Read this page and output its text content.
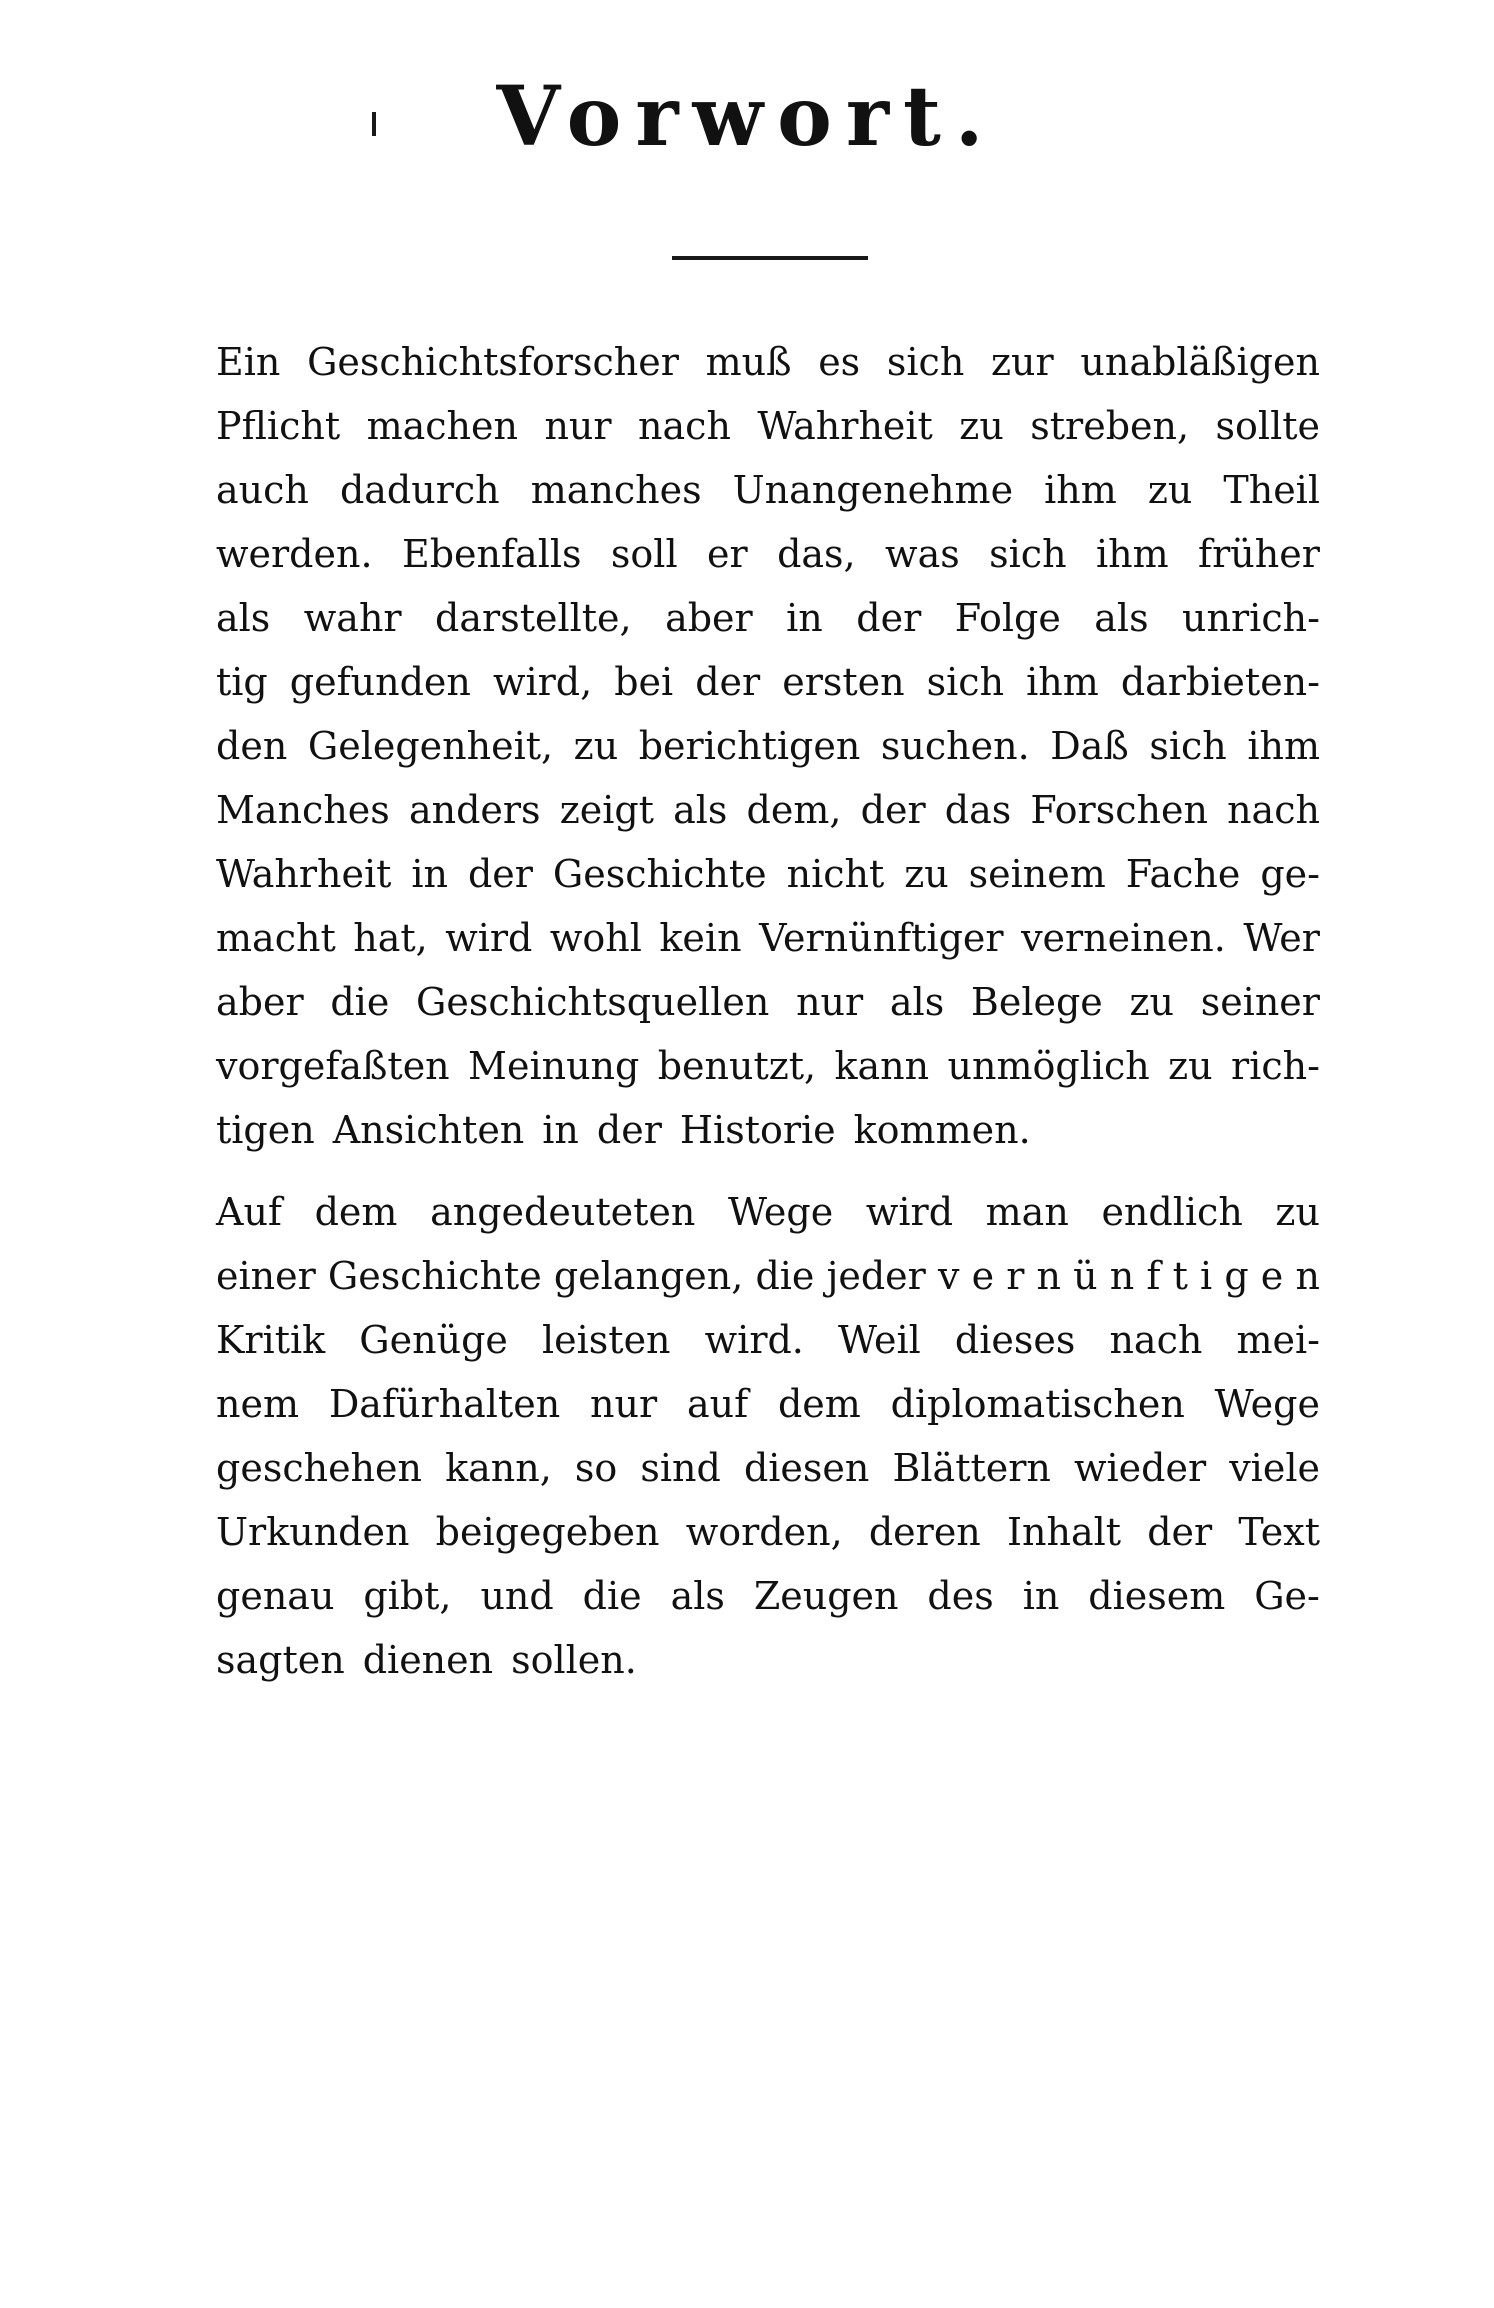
Vorwort.
Ein Geschichtsforscher muß es sich zur unabläßigen
Pflicht machen nur nach Wahrheit zu streben, sollte
auch dadurch manches Unangenehme ihm zu Theil
werden. Ebenfalls soll er das, was sich ihm früher
als wahr darstellte, aber in der Folge als unrich-
tig gefunden wird, bei der ersten sich ihm darbieten-
den Gelegenheit, zu berichtigen suchen. Daß sich ihm
Manches anders zeigt als dem, der das Forschen nach
Wahrheit in der Geschichte nicht zu seinem Fache ge-
macht hat, wird wohl kein Vernünftiger verneinen. Wer
aber die Geschichtsquellen nur als Belege zu seiner
vorgefaßten Meinung benutzt, kann unmöglich zu rich-
tigen Ansichten in der Historie kommen.
Auf dem angedeuteten Wege wird man endlich zu
einer Geschichte gelangen, die jeder v e r n ü n f t i g e n
Kritik Genüge leisten wird. Weil dieses nach mei-
nem Dafürhalten nur auf dem diplomatischen Wege
geschehen kann, so sind diesen Blättern wieder viele
Urkunden beigegeben worden, deren Inhalt der Text
genau gibt, und die als Zeugen des in diesem Ge-
sagten dienen sollen.
